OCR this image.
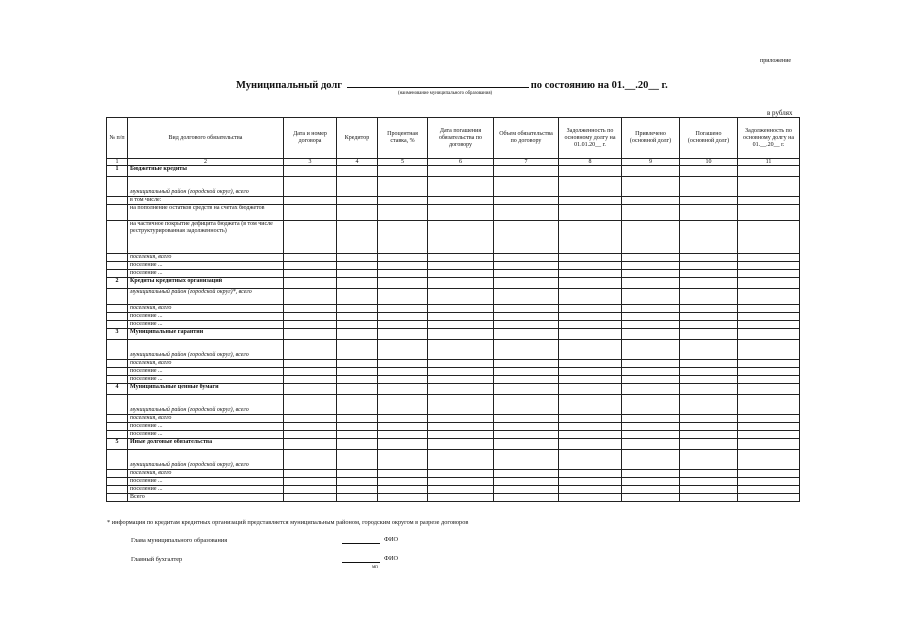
приложение
Муниципальный долг	по состоянию на 01.__.20__ г.
(наименование муниципального образования)
в рублях
№ п/п	Вид долгового обязательства	Дата и номер договора	Кредитор	Процентная ставка, %	Дата погашения обязательства по договору	Объем обязательства по договору	Задолженность по основному долгу на 01.01.20__ г.	Привлечено (основной долг)	Погашено (основной долг)	Задолженность по основному долгу на 01.__.20__ г.
1	2	3	4	5	6	7	8	9	10	11
1	Бюджетные кредиты									
	муниципальный район (городской округ), всего									
	в том числе:									
	на пополнение остатков средств на счетах бюджетов									
	на частичное покрытие дефицита бюджета (в том числе реструктурированная задолженность)									
	поселения, всего									
	поселение ...									
	поселение ...									
2	Кредиты кредитных организаций									
	муниципальный район (городской округ)*, всего									
	поселения, всего									
	поселение ...									
	поселение ...									
3	Муниципальные гарантии									
	муниципальный район (городской округ), всего									
	поселения, всего									
	поселение ...									
	поселение ...									
4	Муниципальные ценные бумаги									
	муниципальный район (городской округ), всего									
	поселения, всего									
	поселение ...									
	поселение ...									
5	Иные долговые обязательства									
	муниципальный район (городской округ), всего									
	поселения, всего									
	поселение ...									
	поселение ...									
	Всего									
* информация по кредитам кредитных организаций представляется муниципальным районом, городским округом в разрезе договоров
Глава муниципального образования	ФИО
Главный бухгалтер	ФИО
мп
